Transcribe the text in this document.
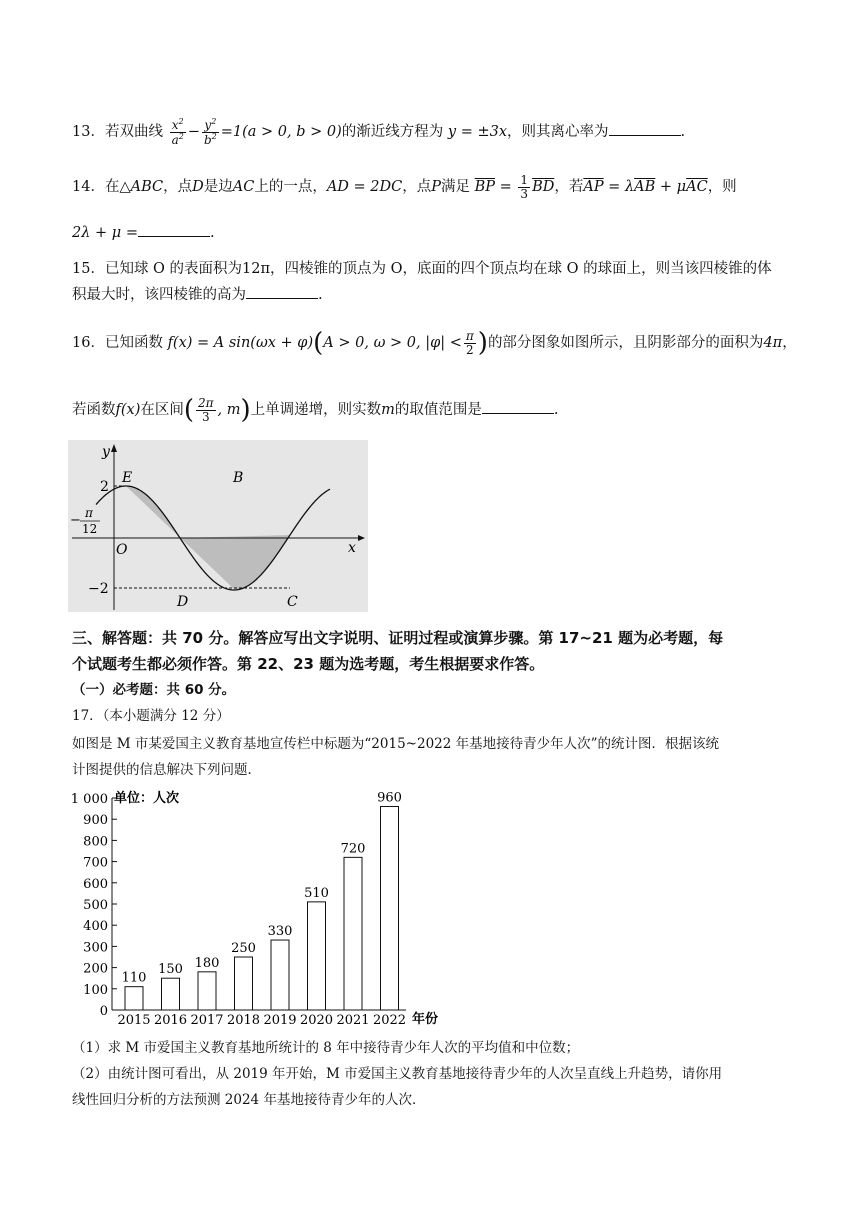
13．若双曲线 $\frac{x^2}{a^2} - \frac{y^2}{b^2} =1(a > 0$, b > 0)的渐近线方程为 y = ±3x，则其离心率为	.
14．在△ABC，点D是边AC上的一点，AD = 2DC，点P满足 $\overline{BP} = \frac{1}{3} \overline{BD}$，若$\overline{AP} = \lambda\overline{AB} + \mu\overline{AC}$，则
2λ + μ =	.
15．已知球 O 的表面积为12π，四棱锥的顶点为 O，底面的四个顶点均在球 O 的球面上，则当该四棱锥的体
积最大时，该四棱锥的高为	.
16．已知函数 f(x) = A sin(ωx + φ)(A > 0, ω > 0, $|\varphi| < \frac{\pi}{2}$ )的部分图象如图所示，且阴影部分的面积为4π，
若函数f(x)在区间( $\frac{2\pi}{3}$ , m)上单调递增，则实数m的取值范围是	.
y
x
O
E	B
D	C
2
−2
− π
12
三、解答题：共 70 分。解答应写出文字说明、证明过程或演算步骤。第 17~21 题为必考题，每
个试题考生都必须作答。第 22、23 题为选考题，考生根据要求作答。
（一）必考题：共 60 分。
17．（本小题满分 12 分）
如图是 M 市某爱国主义教育基地宣传栏中标题为“2015~2022 年基地接待青少年人次”的统计图．根据该统
计图提供的信息解决下列问题．
0
100
200
300
400
500
600
700
800
900
1 000
110
150 180
250
330
510
720
960
2015 2016 2017 2018 2019 2020 2021 2022
单位：人次
年份
（1）求 M 市爱国主义教育基地所统计的 8 年中接待青少年人次的平均值和中位数；
（2）由统计图可看出，从 2019 年开始，M 市爱国主义教育基地接待青少年的人次呈直线上升趋势，请你用
线性回归分析的方法预测 2024 年基地接待青少年的人次．
